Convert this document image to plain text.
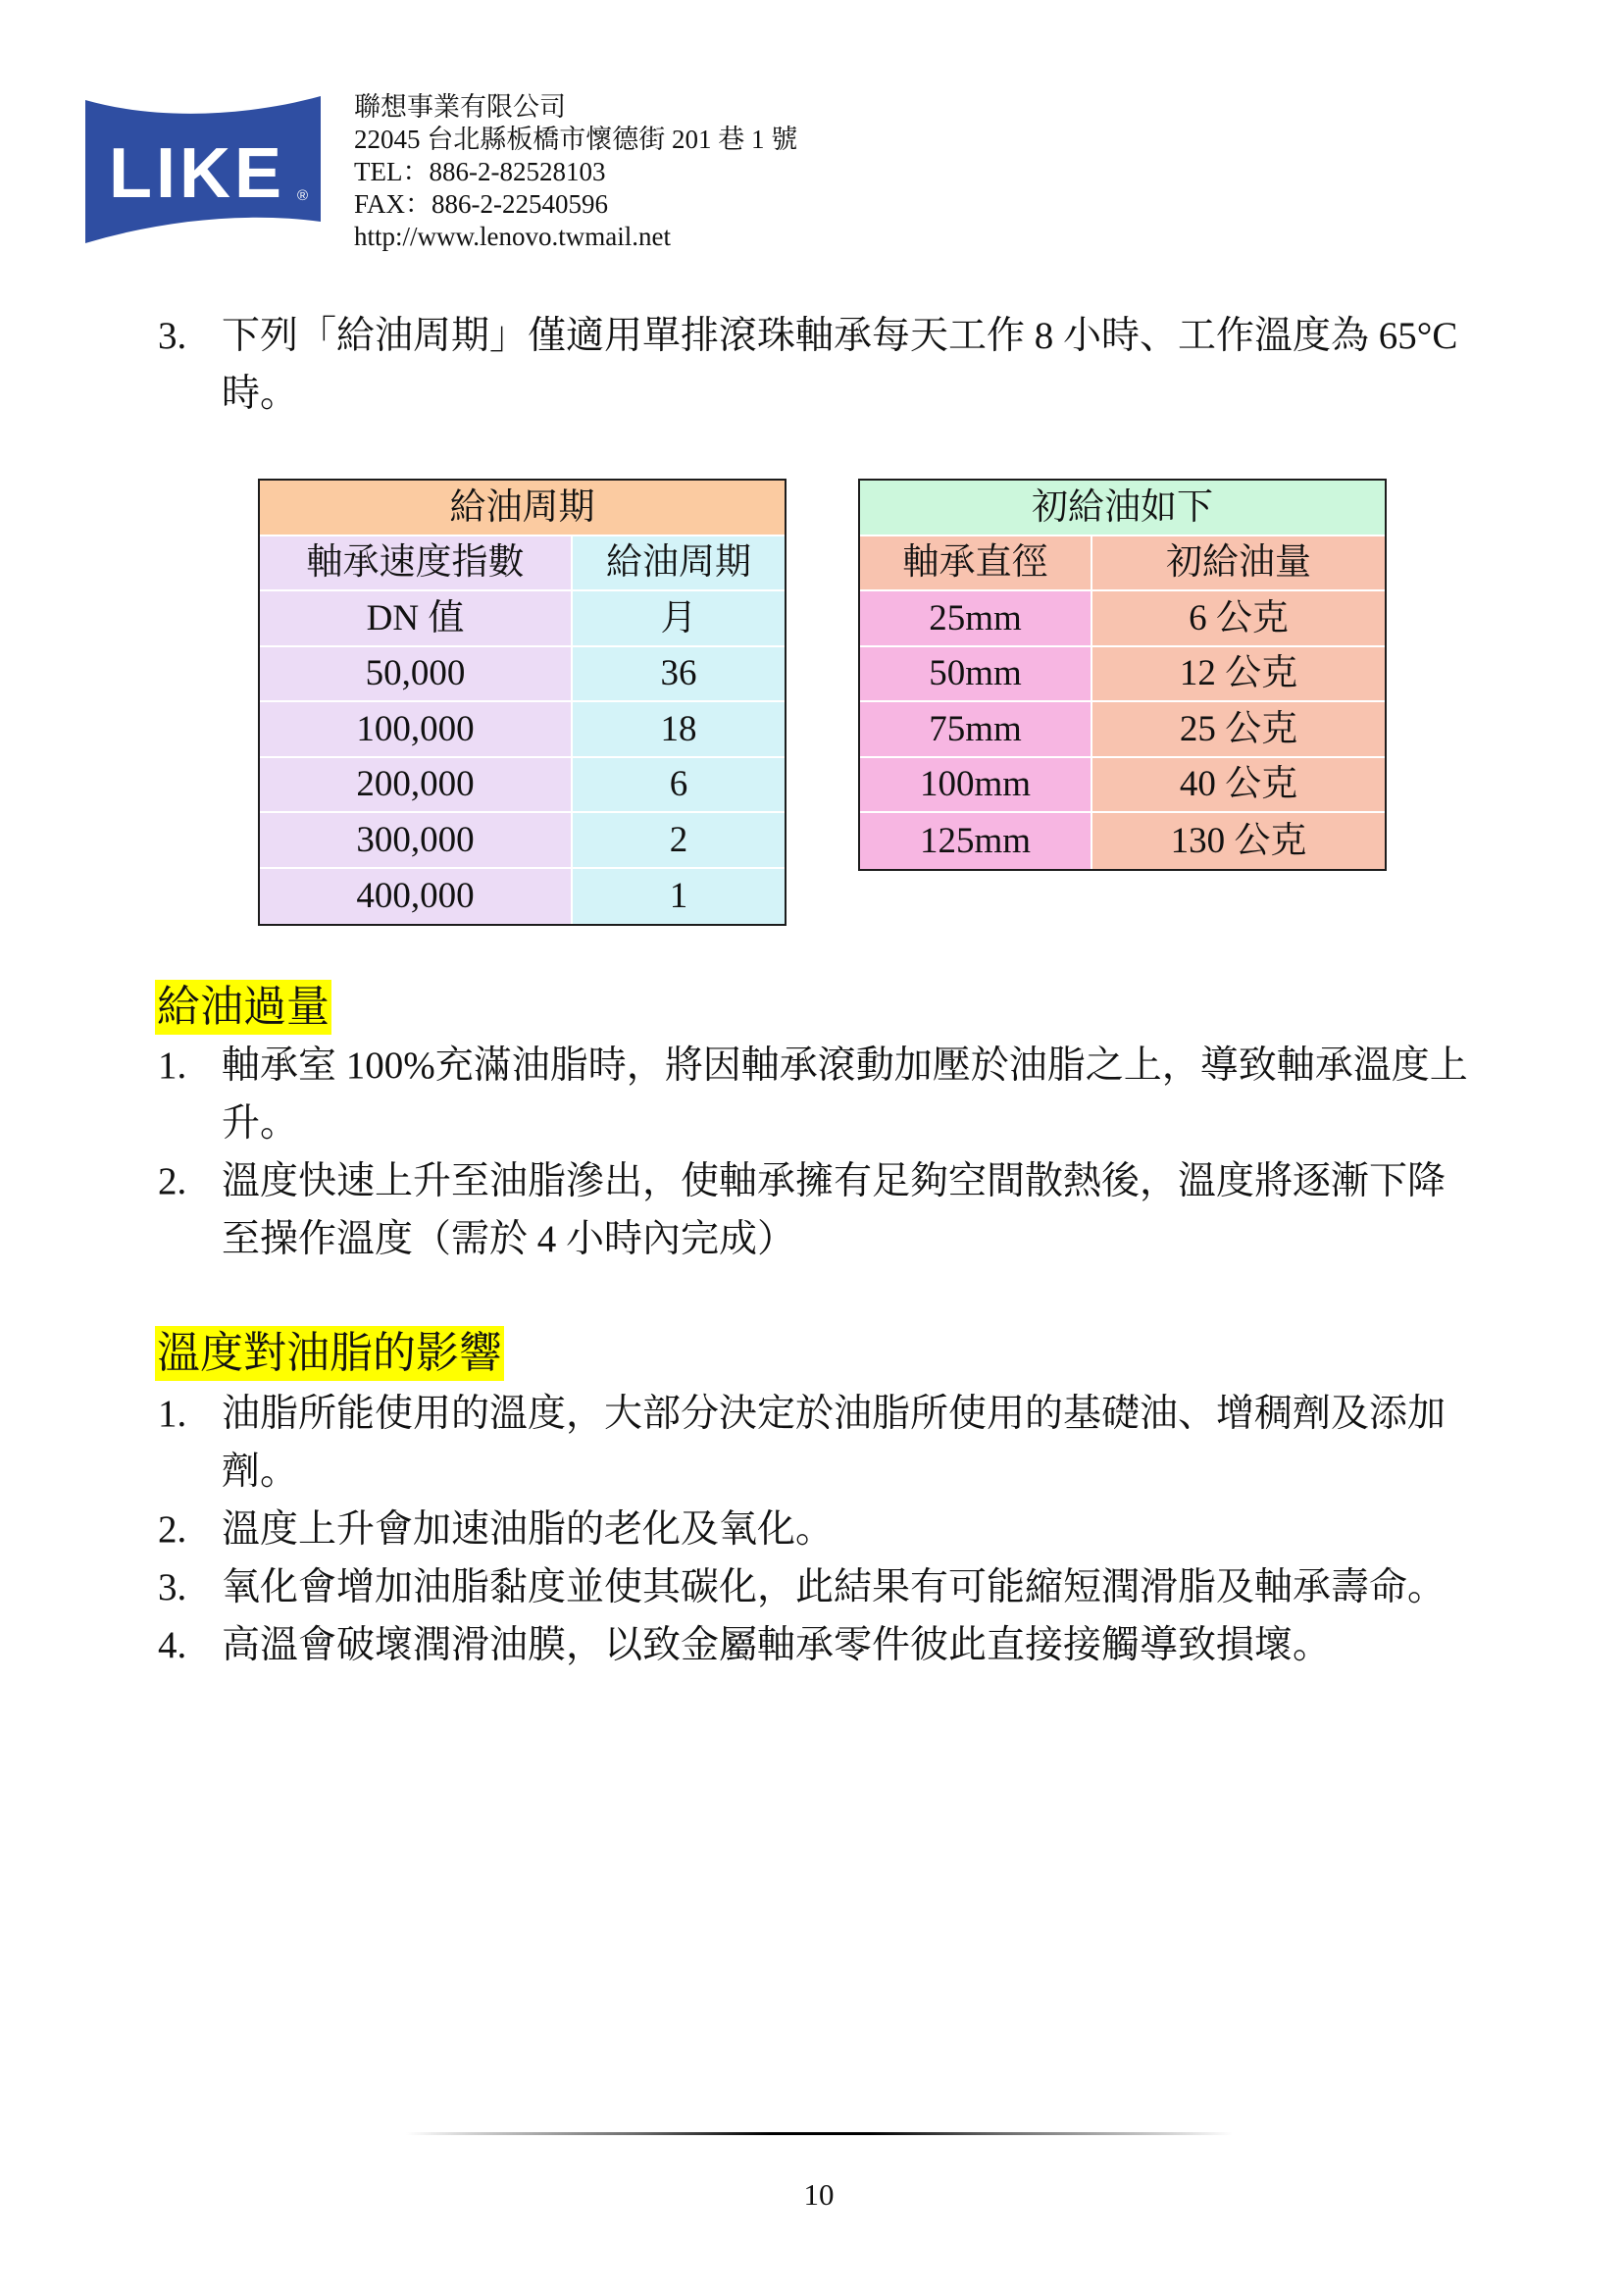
LIKE ®
聯想事業有限公司
22045 台北縣板橋市懷德街 201 巷 1 號
TEL：886-2-82528103
FAX：886-2-22540596
http://www.lenovo.twmail.net
3. 下列「給油周期」僅適用單排滾珠軸承每天工作 8 小時、工作溫度為 65°C時。
給油周期	
軸承速度指數	給油周期
DN 值	月
50,000	36
100,000	18
200,000	6
300,000	2
400,000	1
初給油如下	
軸承直徑	初給油量
25mm	6 公克
50mm	12 公克
75mm	25 公克
100mm	40 公克
125mm	130 公克
給油過量
1. 軸承室 100%充滿油脂時，將因軸承滾動加壓於油脂之上，導致軸承溫度上升。
2. 溫度快速上升至油脂滲出，使軸承擁有足夠空間散熱後，溫度將逐漸下降至操作溫度（需於 4 小時內完成）
溫度對油脂的影響
1. 油脂所能使用的溫度，大部分決定於油脂所使用的基礎油、增稠劑及添加劑。
2. 溫度上升會加速油脂的老化及氧化。
3. 氧化會增加油脂黏度並使其碳化，此結果有可能縮短潤滑脂及軸承壽命。
4. 高溫會破壞潤滑油膜，以致金屬軸承零件彼此直接接觸導致損壞。
10
